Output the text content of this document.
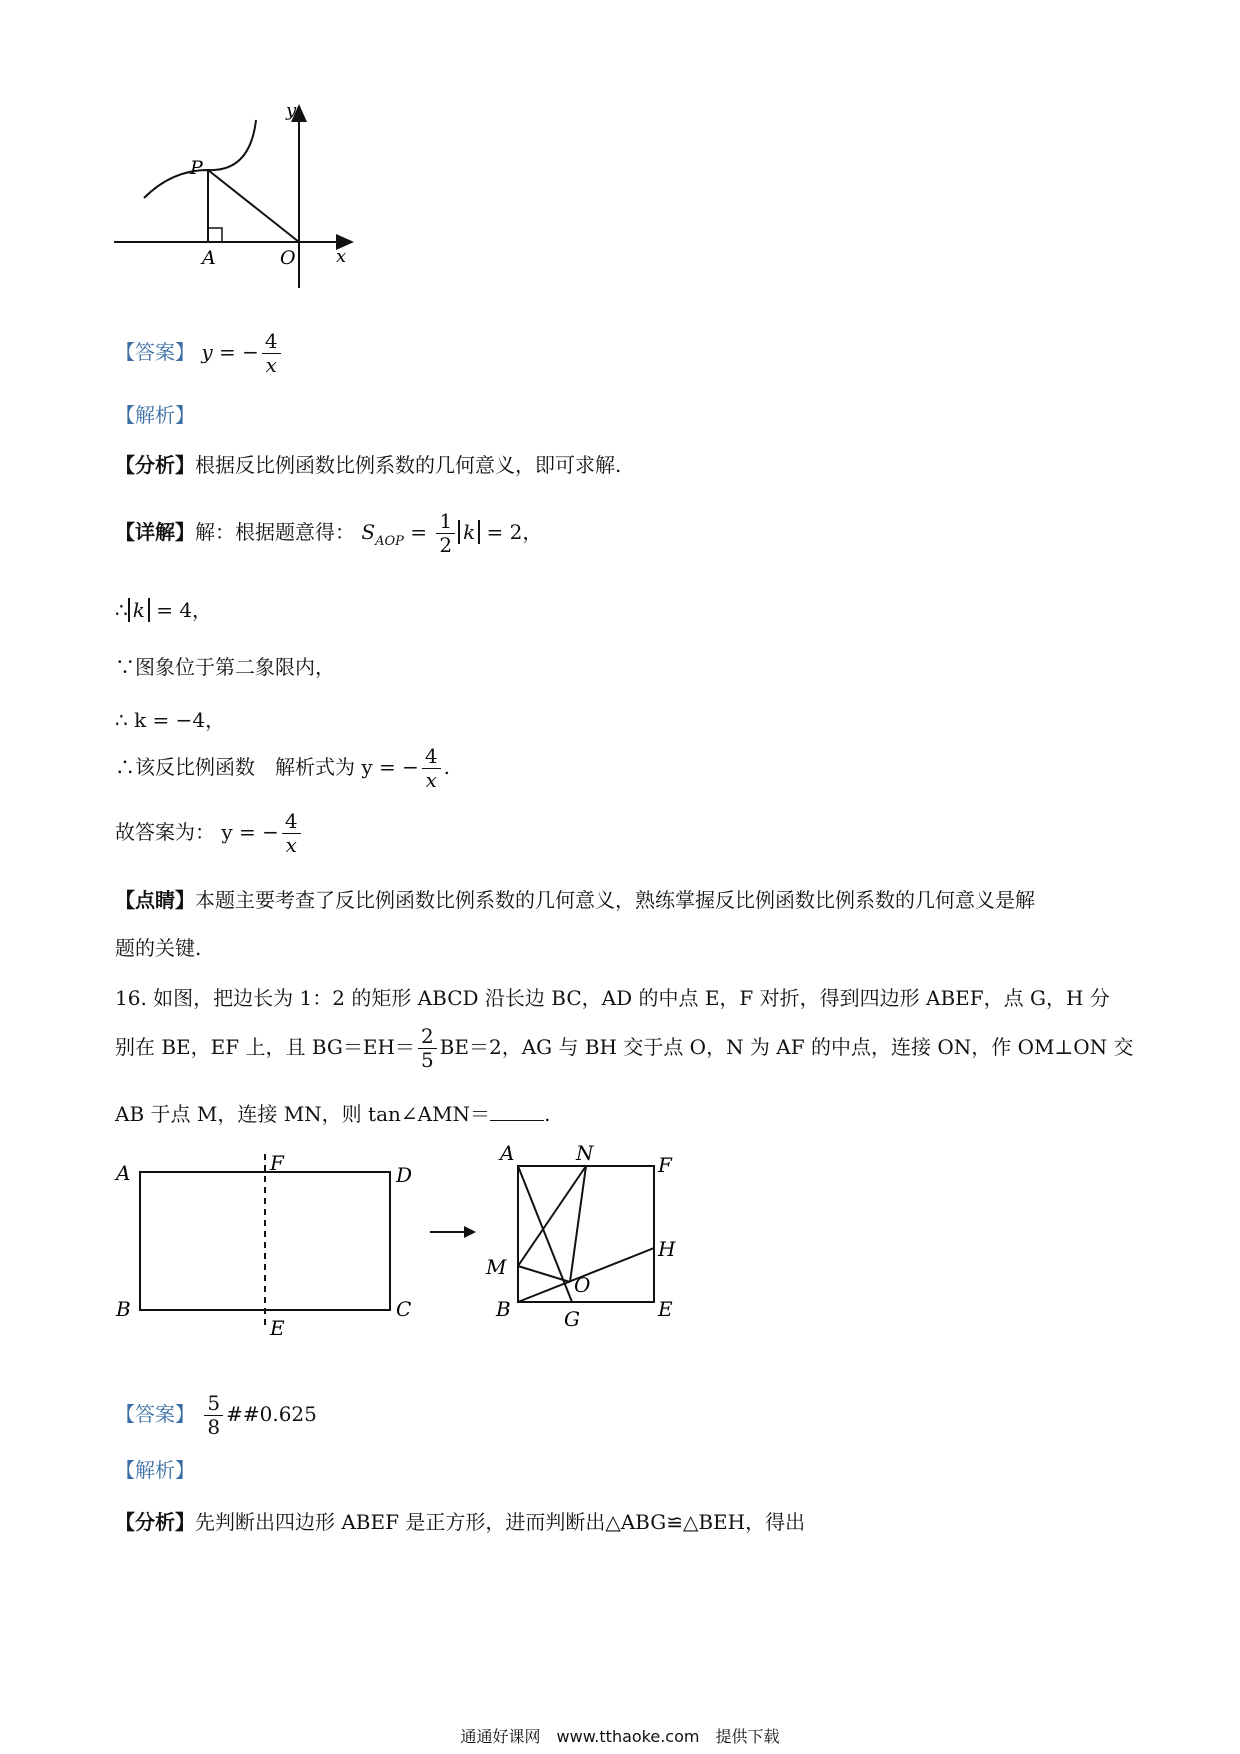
y
x
P
A	O
【答案】 y = − $\frac{4}{x}$
【解析】
【分析】根据反比例函数比例系数的几何意义，即可求解.
【详解】解：根据题意得： $S_{AOP} = \frac{1}{2}$ k = 2，
∴ k = 4，
∵图象位于第二象限内，
∴ k = −4，
∴该反比例函数　解析式为 y = − $\frac{4}{x}$ .
故答案为： y = − $\frac{4}{x}$
【点睛】本题主要考查了反比例函数比例系数的几何意义，熟练掌握反比例函数比例系数的几何意义是解
题的关键.
16. 如图，把边长为 1：2 的矩形 ABCD 沿长边 BC，AD 的中点 E，F 对折，得到四边形 ABEF，点 G，H 分
别在 BE，EF 上，且 $BG=EH= \frac{2}{5} BE=2$，AG 与 BH 交于点 O，N 为 AF 的中点，连接 ON，作 OM⊥ON 交
AB 于点 M，连接 MN，则 tan∠AMN＝	.
A	D
F
B	C
E
A	N	F
H
M
O
B	G	E
【答案】 $\frac{5}{8}$ ##0.625
【解析】
【分析】先判断出四边形 ABEF 是正方形，进而判断出△ABG≌△BEH，得出
通通好课网　www.tthaoke.com　提供下载
